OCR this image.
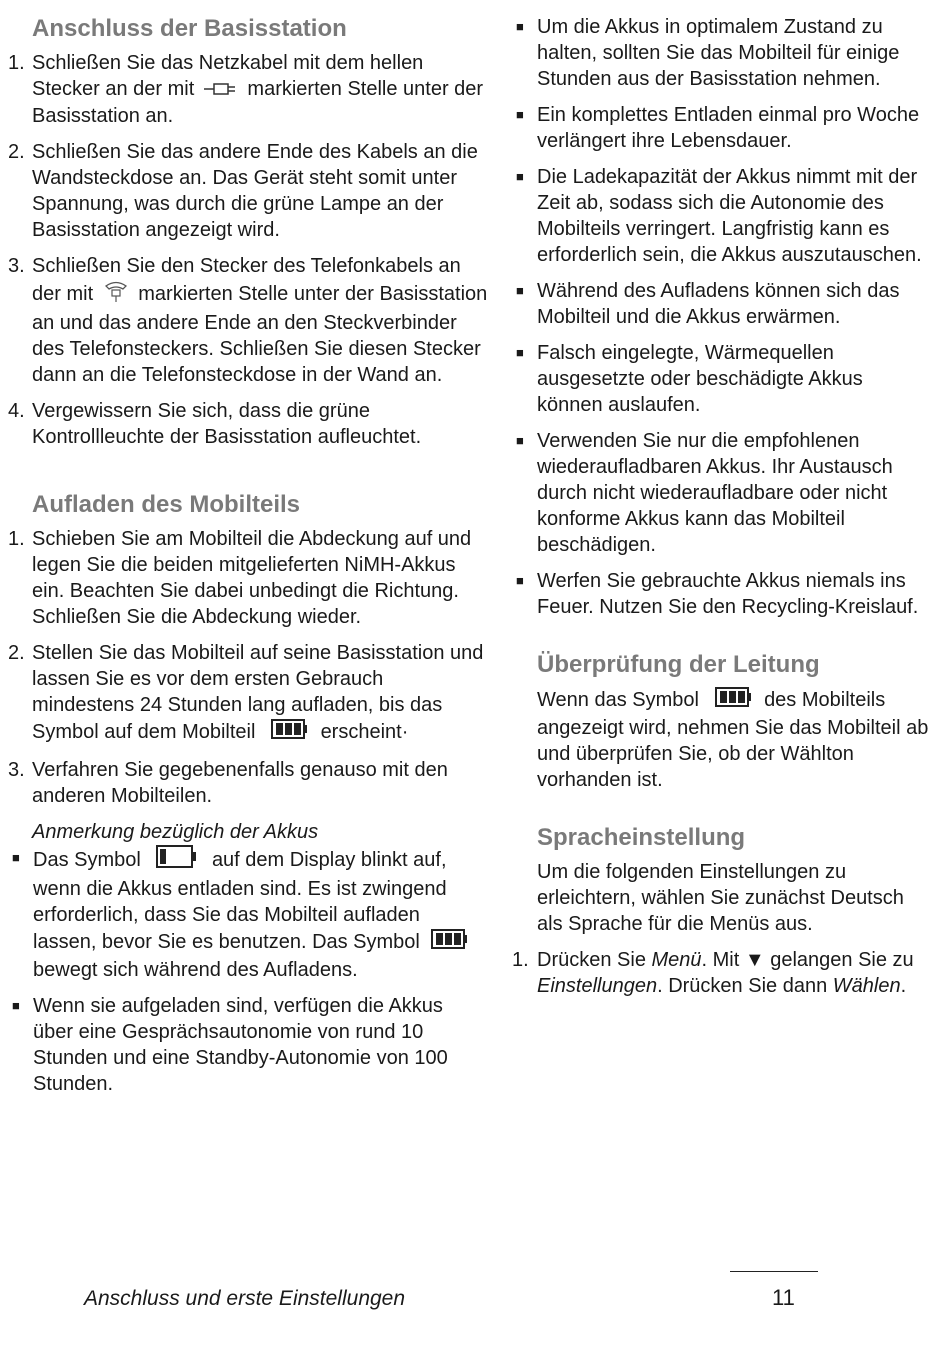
Anschluss der Basisstation
1. Schließen Sie das Netzkabel mit dem hellen Stecker an der mit	markierten Stelle unter der Basisstation an.
2. Schließen Sie das andere Ende des Kabels an die Wandsteckdose an. Das Gerät steht somit unter Spannung, was durch die grüne Lampe an der Basisstation angezeigt wird.
3. Schließen Sie den Stecker des Telefonkabels an der mit markierten Stelle unter der Basisstation an und das andere Ende an den Steckverbinder des Telefonsteckers. Schließen Sie diesen Stecker dann an die Telefonsteckdose in der Wand an.
4. Vergewissern Sie sich, dass die grüne Kontrollleuchte der Basisstation aufleuchtet.
Aufladen des Mobilteils
1. Schieben Sie am Mobilteil die Abdeckung auf und legen Sie die beiden mitgelieferten NiMH-Akkus ein. Beachten Sie dabei unbedingt die Richtung. Schließen Sie die Abdeckung wieder.
2. Stellen Sie das Mobilteil auf seine Basisstation und lassen Sie es vor dem ersten Gebrauch mindestens 24 Stunden lang aufladen, bis das Symbol auf dem Mobilteil	erscheint·
3. Verfahren Sie gegebenenfalls genauso mit den anderen Mobilteilen.
Anmerkung bezüglich der Akkus
■ Das Symbol	auf dem Display blinkt auf, wenn die Akkus entladen sind. Es ist zwingend erforderlich, dass Sie das Mobilteil aufladen lassen, bevor Sie es benutzen. Das Symbol  bewegt sich während des Aufladens.
■ Wenn sie aufgeladen sind, verfügen die Akkus über eine Gesprächsautonomie von rund 10 Stunden und eine Standby-Autonomie von 100 Stunden.
■ Um die Akkus in optimalem Zustand zu halten, sollten Sie das Mobilteil für einige Stunden aus der Basisstation nehmen.
■ Ein komplettes Entladen einmal pro Woche verlängert ihre Lebensdauer.
■ Die Ladekapazität der Akkus nimmt mit der Zeit ab, sodass sich die Autonomie des Mobilteils verringert. Langfristig kann es erforderlich sein, die Akkus auszutauschen.
■ Während des Aufladens können sich das Mobilteil und die Akkus erwärmen.
■ Falsch eingelegte, Wärmequellen ausgesetzte oder beschädigte Akkus können auslaufen.
■ Verwenden Sie nur die empfohlenen wiederaufladbaren Akkus. Ihr Austausch durch nicht wiederaufladbare oder nicht konforme Akkus kann das Mobilteil beschädigen.
■ Werfen Sie gebrauchte Akkus niemals ins Feuer. Nutzen Sie den Recycling-Kreislauf.
Überprüfung der Leitung

Wenn das Symbol	des Mobilteils angezeigt wird, nehmen Sie das Mobilteil ab und überprüfen Sie, ob der Wählton vorhanden ist.

Spracheinstellung

Um die folgenden Einstellungen zu erleichtern, wählen Sie zunächst Deutsch als Sprache für die Menüs aus.

1. Drücken Sie Menü. Mit ▼ gelangen Sie zu Einstellungen. Drücken Sie dann Wählen.
Anschluss und erste Einstellungen	11
